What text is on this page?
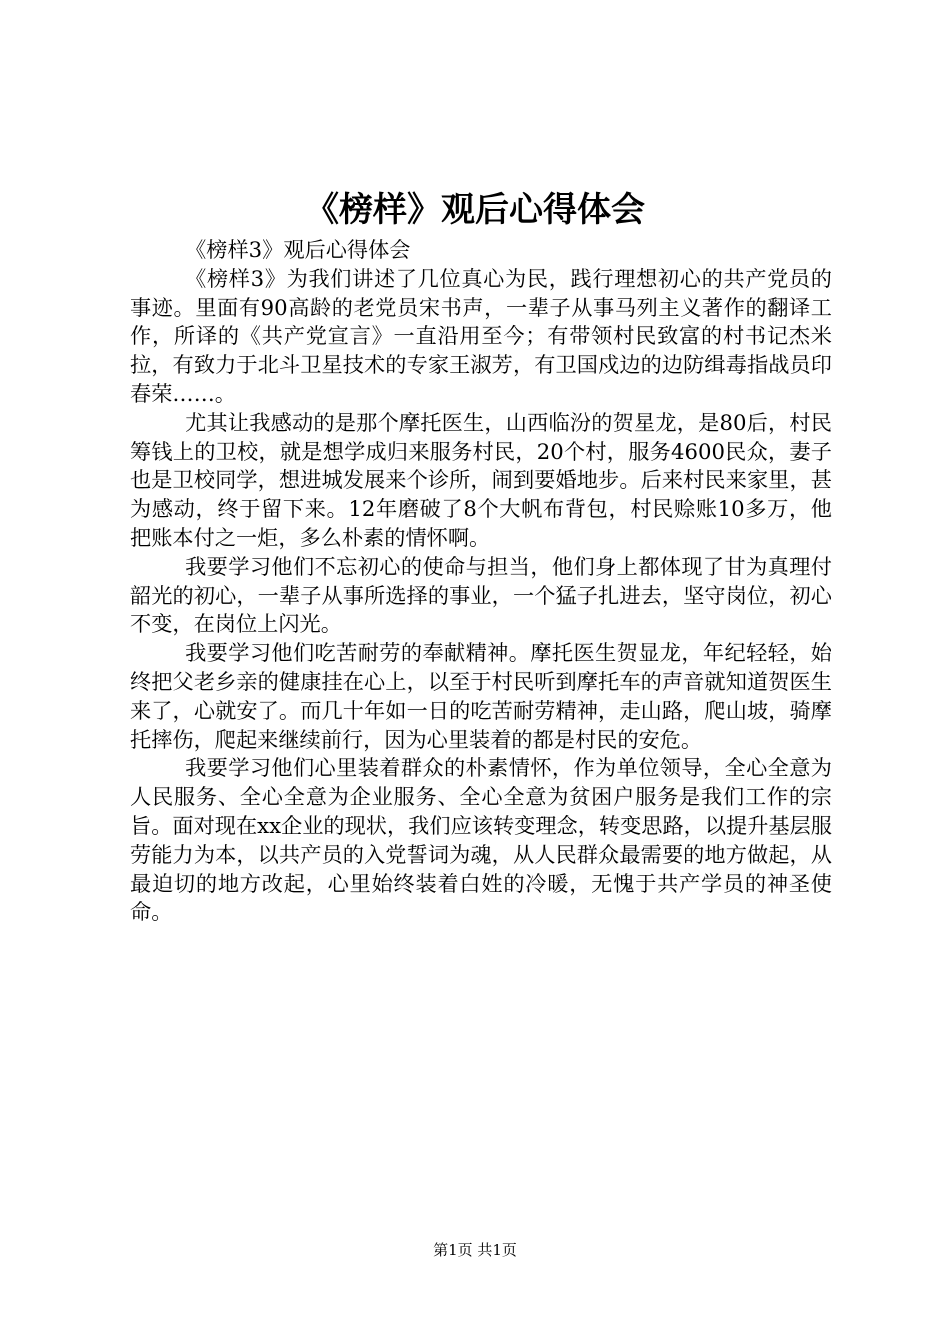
《榜样》观后心得体会

《榜样3》观后心得体会

《榜样3》为我们讲述了几位真心为民，践行理想初心的共产党员的事迹。里面有90高龄的老党员宋书声，一辈子从事马列主义著作的翻译工作，所译的《共产党宣言》一直沿用至今；有带领村民致富的村书记杰米拉，有致力于北斗卫星技术的专家王淑芳，有卫国戍边的边防缉毒指战员印春荣……。

尤其让我感动的是那个摩托医生，山西临汾的贺星龙，是80后，村民筹钱上的卫校，就是想学成归来服务村民，20个村，服务4600民众，妻子也是卫校同学，想进城发展来个诊所，闹到要婚地步。后来村民来家里，甚为感动，终于留下来。12年磨破了8个大帆布背包，村民赊账10多万，他把账本付之一炬，多么朴素的情怀啊。

我要学习他们不忘初心的使命与担当，他们身上都体现了甘为真理付韶光的初心，一辈子从事所选择的事业，一个猛子扎进去，坚守岗位，初心不变，在岗位上闪光。

我要学习他们吃苦耐劳的奉献精神。摩托医生贺显龙，年纪轻轻，始终把父老乡亲的健康挂在心上，以至于村民听到摩托车的声音就知道贺医生来了，心就安了。而几十年如一日的吃苦耐劳精神，走山路，爬山坡，骑摩托摔伤，爬起来继续前行，因为心里装着的都是村民的安危。

我要学习他们心里装着群众的朴素情怀，作为单位领导，全心全意为人民服务、全心全意为企业服务、全心全意为贫困户服务是我们工作的宗旨。面对现在xx企业的现状，我们应该转变理念，转变思路，以提升基层服劳能力为本，以共产员的入党誓词为魂，从人民群众最需要的地方做起，从最迫切的地方改起，心里始终装着白姓的冷暖，无愧于共产学员的神圣使命。

第1页 共1页
